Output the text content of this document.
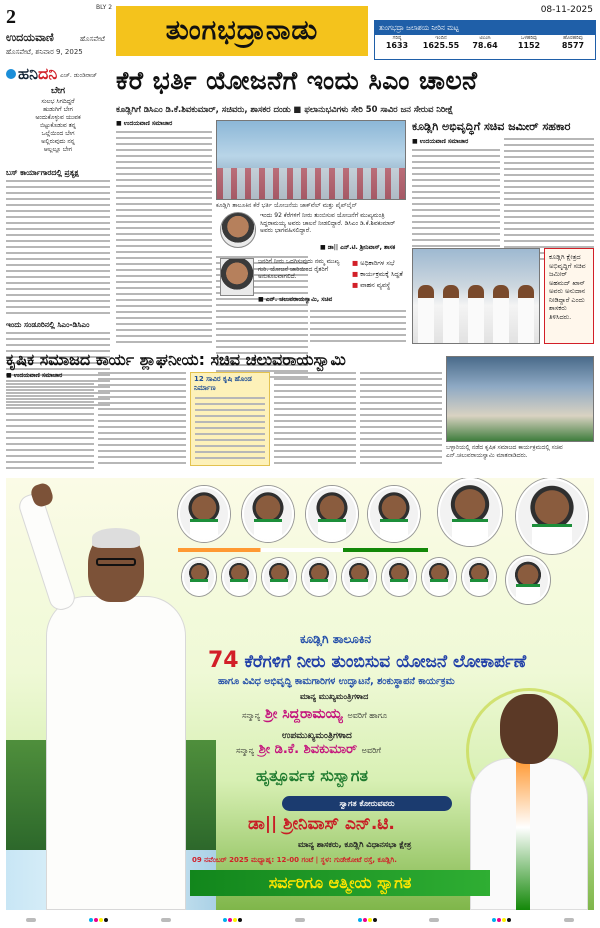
2	BLY 2
ಉದಯವಾಣಿ	ಹೊಸಪೇಟೆ
ಹೊಸಪೇಟೆ, ಶನಿವಾರ 9, 2025
ತುಂಗಭದ್ರಾನಾಡು
08-11-2025
ತುಂಗಭದ್ರಾ ಜಲಾಶಯ ನೀರಿನ ಮಟ್ಟ
ಗರಿಷ್ಠ	ಇಂದಿನ	ಟಿಎಂಸಿ	ಒಳಹರಿವು	ಹೊರಹರಿವು
1633	1625.55	78.64	1152	8577
ಹನಿದನಿ ಎಚ್. ಡುಂಡಿರಾಜ್
ಬೇಗ
ಸುಲಭ ಸಿಗದಿದ್ದರೆ
ಹುಡುಗಿಗೆ ಬೇಗ
ಅಂದುಕೊಳ್ಳುವ ಯುವಕ
ಬಿಟ್ಟುಕೊಡುವ ತನ್ನ
ಒಲ್ಲೆಯಿಂದ ಬೇಗ
ಅಲ್ಲಿರುವುದು ನನ್ನ
ಆಲ್ಲಲ್ಲೂ ಬೇಗ
ಬಸ್ ಕಾರ್ಯಾಗಾರದಲ್ಲಿ ಪ್ರತ್ಯಕ್ಷ
ಇಂದು ಸಂಡೂರಿನಲ್ಲಿ ಸಿಎಂ-ಡಿಸಿಎಂ
ಕೆರೆ ಭರ್ತಿ ಯೋಜನೆಗೆ ಇಂದು ಸಿಎಂ ಚಾಲನೆ
ಕೂಡ್ಲಿಗಿಗೆ ಡಿಸಿಎಂ ಡಿ.ಕೆ.ಶಿವಕುಮಾರ್, ಸಚಿವರು, ಶಾಸಕರ ದಂಡು ■ ಫಲಾನುಭವಿಗಳು ಸೇರಿ 50 ಸಾವಿರ ಜನ ಸೇರುವ ನಿರೀಕ್ಷೆ
■ ಉದಯವಾಣಿ ಸಮಾಚಾರ
ಕೂಡ್ಲಿಗಿ ತಾಲೂಕಿನ ಕೆರೆ ಭರ್ತಿ ಯೋಜನೆಯ ಜಾಕ್‌ವೆಲ್ ಮತ್ತು ಪೈಪ್‌ಲೈನ್
ಇಂದು 92 ಕೆರೆಗಳಿಗೆ ನೀರು ತುಂಬಿಸುವ ಯೋಜನೆಗೆ ಮುಖ್ಯಮಂತ್ರಿ ಸಿದ್ದರಾಮಯ್ಯ ಅವರು ಚಾಲನೆ ನೀಡಲಿದ್ದಾರೆ. ಡಿಸಿಎಂ ಡಿ.ಕೆ.ಶಿವಕುಮಾರ್ ಅವರು ಭಾಗವಹಿಸಲಿದ್ದಾರೆ.
■ ಡಾ|| ಎನ್.ಟಿ. ಶ್ರೀನಿವಾಸ್, ಶಾಸಕ
ಜನರಿಗೆ ನೀರು ಒದಗಿಸುವುದು ನಮ್ಮ ಮುಖ್ಯ ಗುರಿ. ಯೋಜನೆ ಜಾರಿಯಿಂದ ರೈತರಿಗೆ ಅನುಕೂಲವಾಗಲಿದೆ.
■ ಎನ್. ಚಲುವರಾಯಸ್ವಾಮಿ, ಸಚಿವ
■ ಅಧಿಕಾರಿಗಳ ಸಭೆ
■ ಕಾರ್ಯಕ್ರಮಕ್ಕೆ ಸಿದ್ಧತೆ
■ ವಾಹನ ವ್ಯವಸ್ಥೆ
ಕೂಡ್ಲಿಗಿ ಅಭಿವೃದ್ಧಿಗೆ ಸಚಿವ ಜಮೀರ್ ಸಹಕಾರ
■ ಉದಯವಾಣಿ ಸಮಾಚಾರ
ಕೂಡ್ಲಿಗಿ ಕ್ಷೇತ್ರದ ಅಭಿವೃದ್ಧಿಗೆ ಸಚಿವ ಜಮೀರ್ ಅಹಮದ್ ಖಾನ್ ಅವರು ಅನುದಾನ ನೀಡಿದ್ದಾರೆ ಎಂದು ಶಾಸಕರು ತಿಳಿಸಿದರು.
ಕೃಷಿಕ ಸಮಾಜದ ಕಾರ್ಯ ಶ್ಲಾಘನೀಯ: ಸಚಿವ ಚಲುವರಾಯಸ್ವಾಮಿ
■ ಉದಯವಾಣಿ ಸಮಾಚಾರ	12 ಸಾವಿರ ಕೃಷಿ ಹೊಂಡ ನಿರ್ಮಾಣ
ಬಳ್ಳಾರಿಯಲ್ಲಿ ನಡೆದ ಕೃಷಿಕ ಸಮಾಜದ ಕಾರ್ಯಕ್ರಮದಲ್ಲಿ ಸಚಿವ ಎನ್.ಚಲುವರಾಯಸ್ವಾಮಿ ಮಾತನಾಡಿದರು.
ಕೂಡ್ಲಿಗಿ ತಾಲೂಕಿನ
74 ಕೆರೆಗಳಿಗೆ ನೀರು ತುಂಬಿಸುವ ಯೋಜನೆ ಲೋಕಾರ್ಪಣೆ
ಹಾಗೂ ವಿವಿಧ ಅಭಿವೃದ್ಧಿ ಕಾಮಗಾರಿಗಳ ಉದ್ಘಾಟನೆ, ಶಂಕುಸ್ಥಾಪನೆ ಕಾರ್ಯಕ್ರಮ
ಮಾನ್ಯ ಮುಖ್ಯಮಂತ್ರಿಗಳಾದ
ಸನ್ಮಾನ್ಯ ಶ್ರೀ ಸಿದ್ದರಾಮಯ್ಯ ಅವರಿಗೆ ಹಾಗೂ
ಉಪಮುಖ್ಯಮಂತ್ರಿಗಳಾದ
ಸನ್ಮಾನ್ಯ ಶ್ರೀ ಡಿ.ಕೆ. ಶಿವಕುಮಾರ್ ಅವರಿಗೆ
ಹೃತ್ಪೂರ್ವಕ ಸುಸ್ವಾಗತ
ಸ್ವಾಗತ ಕೋರುವವರು
ಡಾ|| ಶ್ರೀನಿವಾಸ್ ಎನ್.ಟಿ.
ಮಾನ್ಯ ಶಾಸಕರು, ಕೂಡ್ಲಿಗಿ ವಿಧಾನಸಭಾ ಕ್ಷೇತ್ರ
09 ನವೆಂಬರ್ 2025 ಮಧ್ಯಾಹ್ನ: 12-00 ಗಂಟೆ | ಸ್ಥಳ: ಗುಡೇಕೋಟೆ ರಸ್ತೆ, ಕೂಡ್ಲಿಗಿ.
ಸರ್ವರಿಗೂ ಆತ್ಮೀಯ ಸ್ವಾಗತ
